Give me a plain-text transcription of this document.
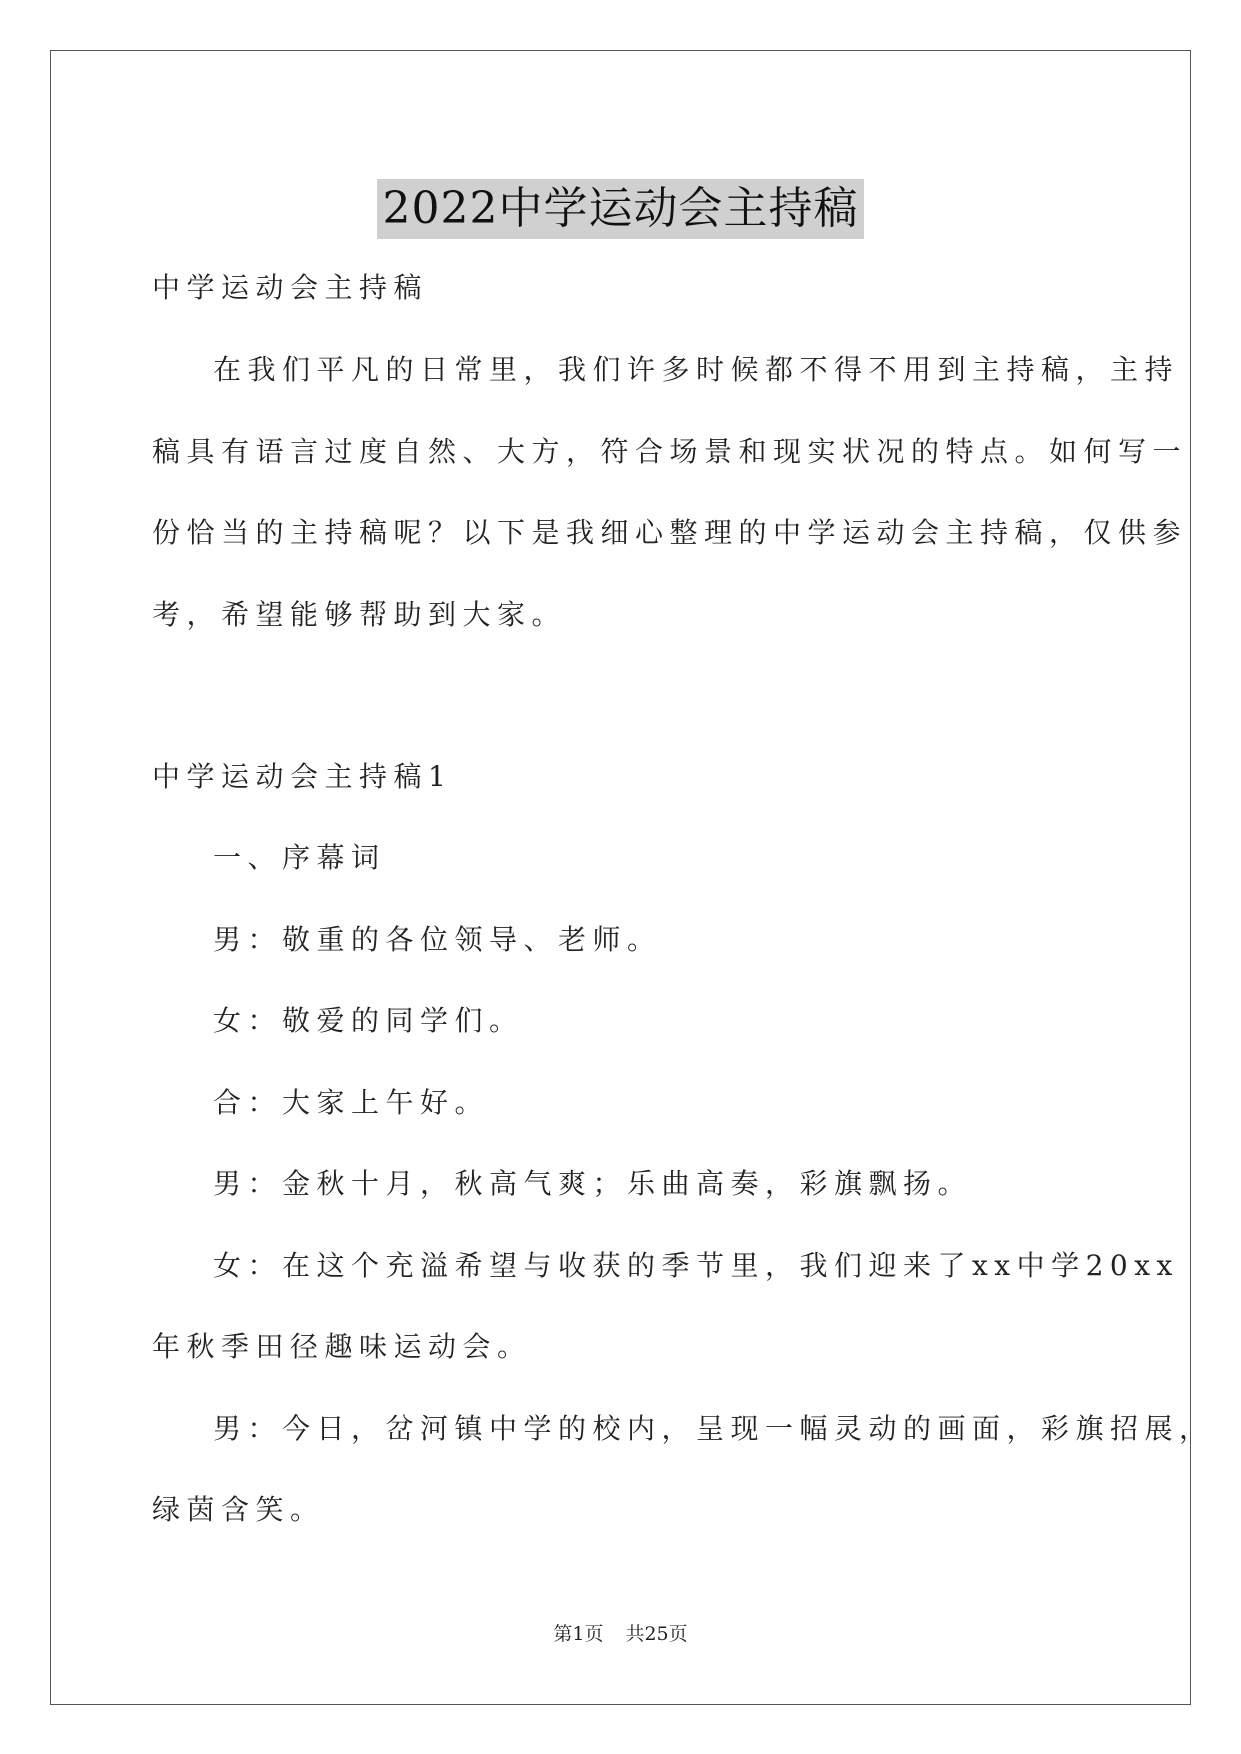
2022中学运动会主持稿
中学运动会主持稿
在我们平凡的日常里，我们许多时候都不得不用到主持稿，主持
稿具有语言过度自然、大方，符合场景和现实状况的特点。如何写一
份恰当的主持稿呢？以下是我细心整理的中学运动会主持稿，仅供参
考，希望能够帮助到大家。
中学运动会主持稿1
一、序幕词
男：敬重的各位领导、老师。
女：敬爱的同学们。
合：大家上午好。
男：金秋十月，秋高气爽；乐曲高奏，彩旗飘扬。
女：在这个充溢希望与收获的季节里，我们迎来了xx中学20xx
年秋季田径趣味运动会。
男：今日，岔河镇中学的校内，呈现一幅灵动的画面，彩旗招展，
绿茵含笑。
第1页 共25页
